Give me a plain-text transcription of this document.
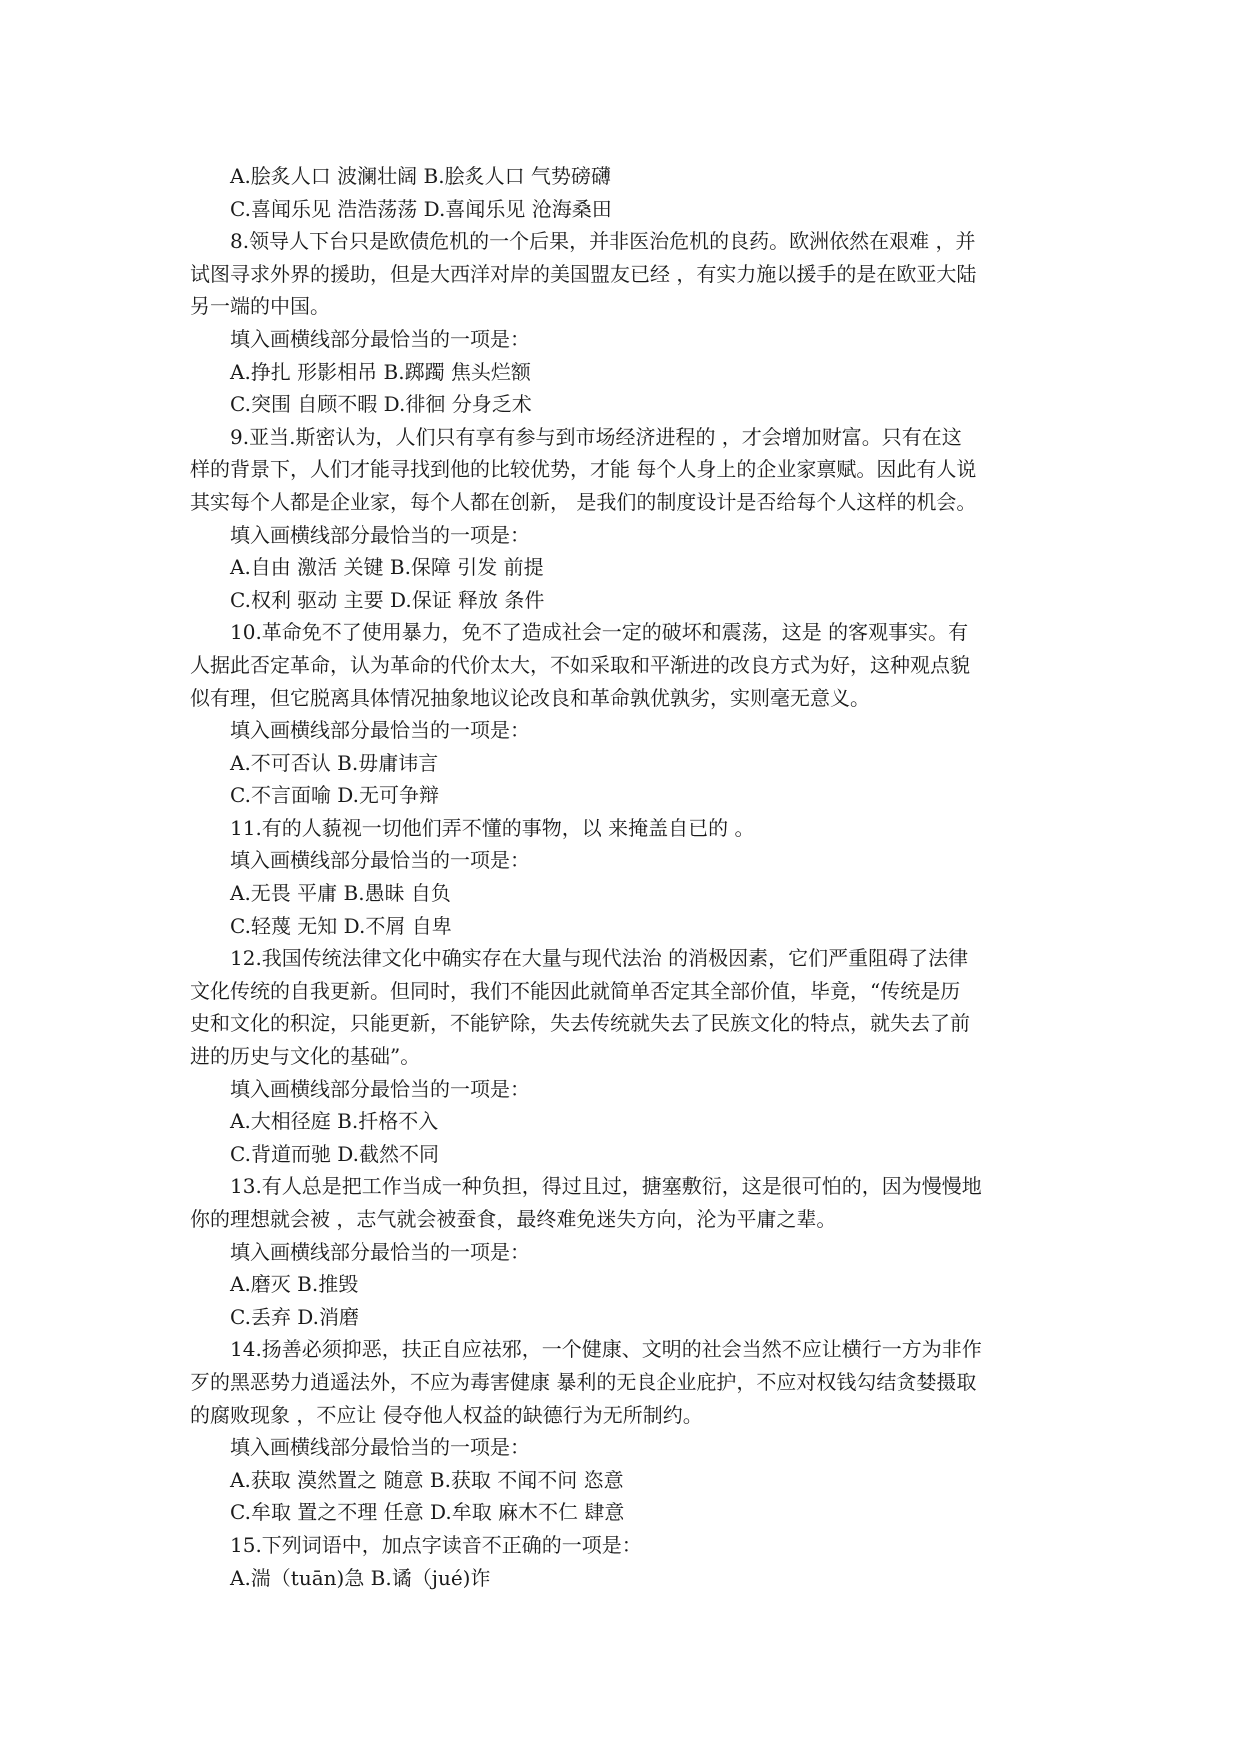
A.脍炙人口 波澜壮阔 B.脍炙人口 气势磅礴

C.喜闻乐见 浩浩荡荡 D.喜闻乐见 沧海桑田

8.领导人下台只是欧债危机的一个后果，并非医治危机的良药。欧洲依然在艰难 ，并

试图寻求外界的援助，但是大西洋对岸的美国盟友已经 ，有实力施以援手的是在欧亚大陆

另一端的中国。

填入画横线部分最恰当的一项是：

A.挣扎 形影相吊 B.踯躅 焦头烂额

C.突围 自顾不暇 D.徘徊 分身乏术

9.亚当.斯密认为，人们只有享有参与到市场经济进程的 ，才会增加财富。只有在这

样的背景下，人们才能寻找到他的比较优势，才能 每个人身上的企业家禀赋。因此有人说

其实每个人都是企业家，每个人都在创新， 是我们的制度设计是否给每个人这样的机会。

填入画横线部分最恰当的一项是：

A.自由 激活 关键 B.保障 引发 前提

C.权利 驱动 主要 D.保证 释放 条件

10.革命免不了使用暴力，免不了造成社会一定的破坏和震荡，这是 的客观事实。有

人据此否定革命，认为革命的代价太大，不如采取和平渐进的改良方式为好，这种观点貌

似有理，但它脱离具体情况抽象地议论改良和革命孰优孰劣，实则毫无意义。

填入画横线部分最恰当的一项是：

A.不可否认 B.毋庸讳言

C.不言面喻 D.无可争辩

11.有的人藐视一切他们弄不懂的事物，以 来掩盖自已的 。

填入画横线部分最恰当的一项是：

A.无畏 平庸 B.愚昧 自负

C.轻蔑 无知 D.不屑 自卑

12.我国传统法律文化中确实存在大量与现代法治 的消极因素，它们严重阻碍了法律

文化传统的自我更新。但同时，我们不能因此就简单否定其全部价值，毕竟，“传统是历

史和文化的积淀，只能更新，不能铲除，失去传统就失去了民族文化的特点，就失去了前

进的历史与文化的基础”。

填入画横线部分最恰当的一项是：

A.大相径庭 B.扦格不入

C.背道而驰 D.截然不同

13.有人总是把工作当成一种负担，得过且过，搪塞敷衍，这是很可怕的，因为慢慢地

你的理想就会被 ，志气就会被蚕食，最终难免迷失方向，沦为平庸之辈。

填入画横线部分最恰当的一项是：

A.磨灭 B.推毁

C.丢弃 D.消磨

14.扬善必须抑恶，扶正自应祛邪，一个健康、文明的社会当然不应让横行一方为非作

歹的黑恶势力逍遥法外，不应为毒害健康 暴利的无良企业庇护，不应对权钱勾结贪婪摄取

的腐败现象 ，不应让 侵夺他人权益的缺德行为无所制约。

填入画横线部分最恰当的一项是：

A.获取 漠然置之 随意 B.获取 不闻不问 恣意

C.牟取 置之不理 任意 D.牟取 麻木不仁 肆意

15.下列词语中，加点字读音不正确的一项是：

A.湍（tuān)急 B.谲（jué)诈
